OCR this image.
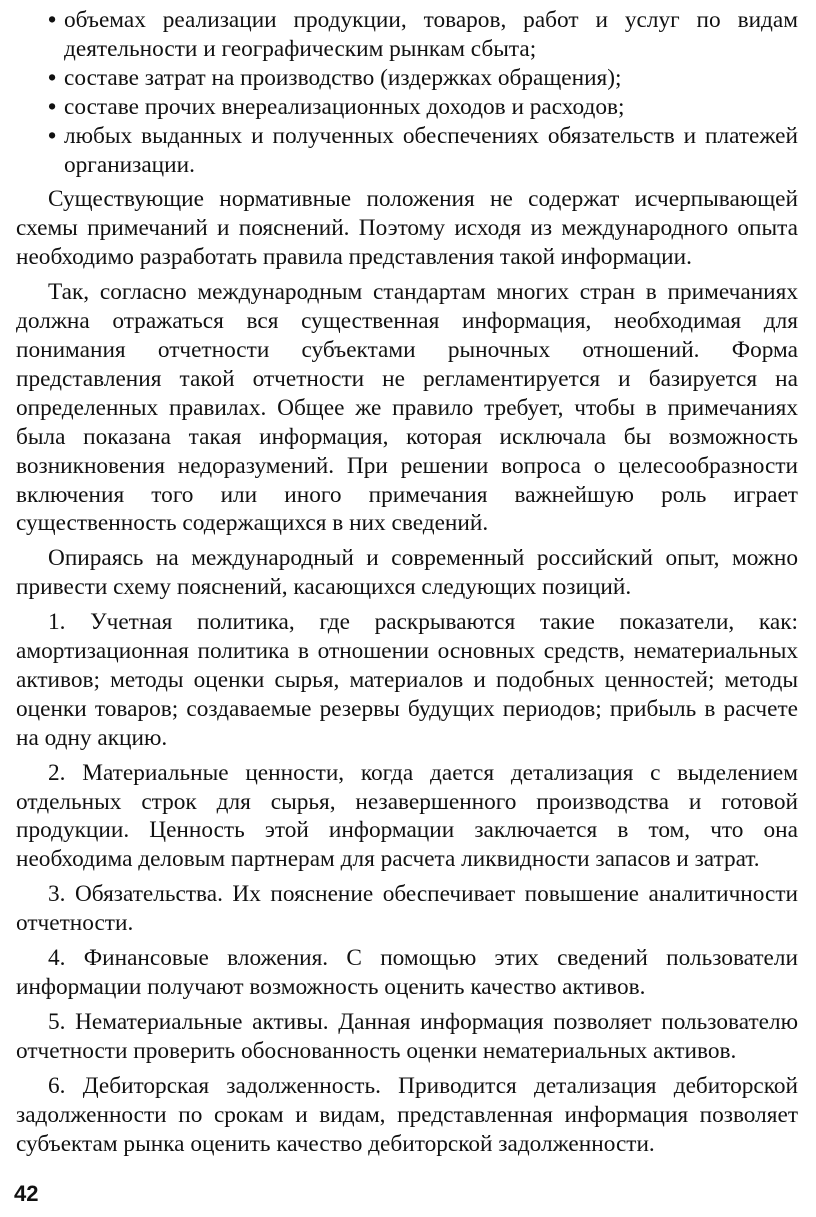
• объемах реализации продукции, товаров, работ и услуг по видам деятельности и географическим рынкам сбыта;
• составе затрат на производство (издержках обращения);
• составе прочих внереализационных доходов и расходов;
• любых выданных и полученных обеспечениях обязательств и платежей организации.

Существующие нормативные положения не содержат исчерпывающей схемы примечаний и пояснений. Поэтому исходя из международного опыта необходимо разработать правила представления такой информации.

Так, согласно международным стандартам многих стран в примечаниях должна отражаться вся существенная информация, необходимая для понимания отчетности субъектами рыночных отношений. Форма представления такой отчетности не регламентируется и базируется на определенных правилах. Общее же правило требует, чтобы в примечаниях была показана такая информация, которая исключала бы возможность возникновения недоразумений. При решении вопроса о целесообразности включения того или иного примечания важнейшую роль играет существенность содержащихся в них сведений.

Опираясь на международный и современный российский опыт, можно привести схему пояснений, касающихся следующих позиций.

1. Учетная политика, где раскрываются такие показатели, как: амортизационная политика в отношении основных средств, нематериальных активов; методы оценки сырья, материалов и подобных ценностей; методы оценки товаров; создаваемые резервы будущих периодов; прибыль в расчете на одну акцию.

2. Материальные ценности, когда дается детализация с выделением отдельных строк для сырья, незавершенного производства и готовой продукции. Ценность этой информации заключается в том, что она необходима деловым партнерам для расчета ликвидности запасов и затрат.

3. Обязательства. Их пояснение обеспечивает повышение аналитичности отчетности.

4. Финансовые вложения. С помощью этих сведений пользователи информации получают возможность оценить качество активов.

5. Нематериальные активы. Данная информация позволяет пользователю отчетности проверить обоснованность оценки нематериальных активов.

6. Дебиторская задолженность. Приводится детализация дебиторской задолженности по срокам и видам, представленная информация позволяет субъектам рынка оценить качество дебиторской задолженности.

42
